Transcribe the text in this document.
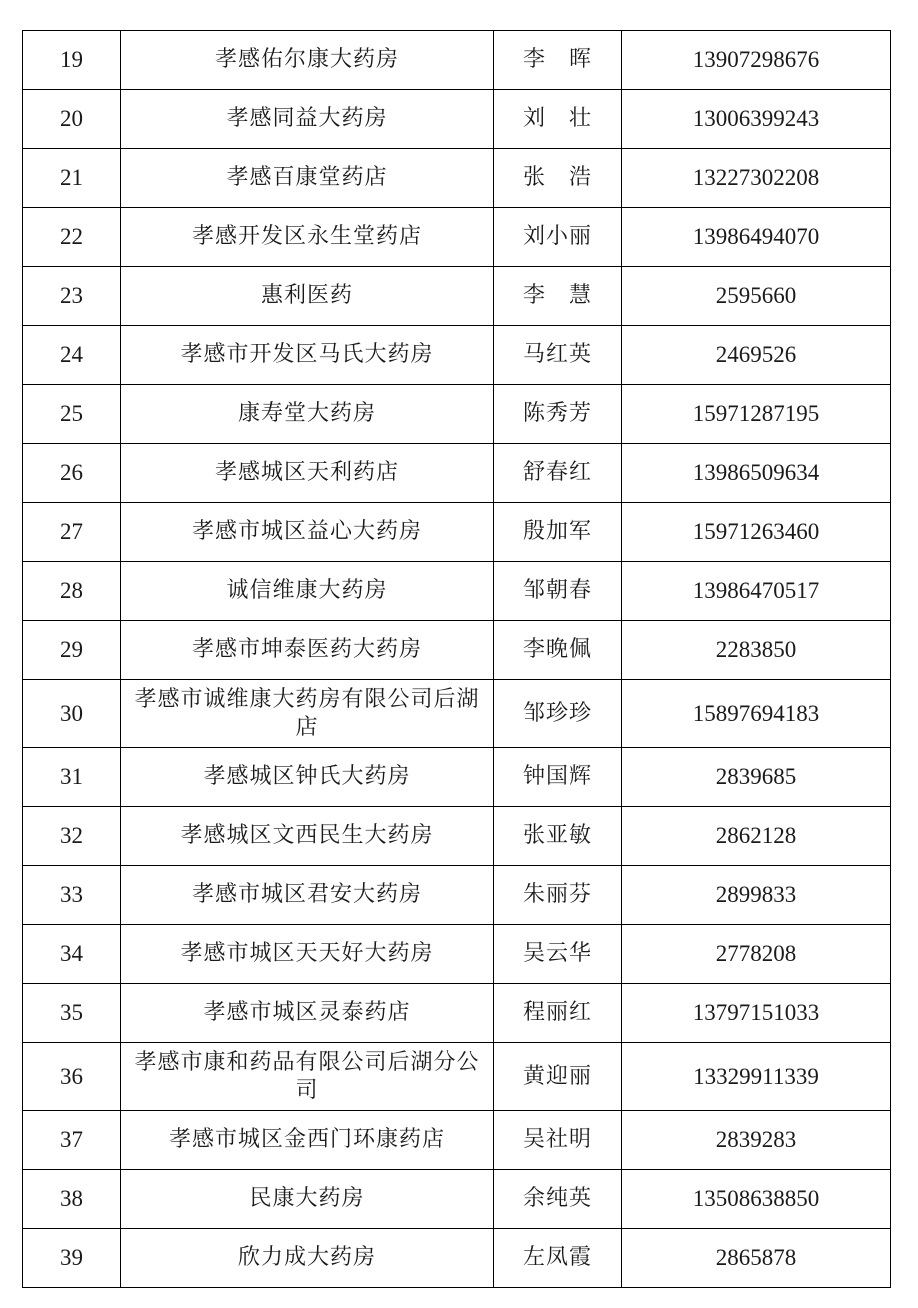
19	孝感佑尔康大药房	李　晖	13907298676
20	孝感同益大药房	刘　壮	13006399243
21	孝感百康堂药店	张　浩	13227302208
22	孝感开发区永生堂药店	刘小丽	13986494070
23	惠利医药	李　慧	2595660
24	孝感市开发区马氏大药房	马红英	2469526
25	康寿堂大药房	陈秀芳	15971287195
26	孝感城区天利药店	舒春红	13986509634
27	孝感市城区益心大药房	殷加军	15971263460
28	诚信维康大药房	邹朝春	13986470517
29	孝感市坤泰医药大药房	李晚佩	2283850
30	孝感市诚维康大药房有限公司后湖店	邹珍珍	15897694183
31	孝感城区钟氏大药房	钟国辉	2839685
32	孝感城区文西民生大药房	张亚敏	2862128
33	孝感市城区君安大药房	朱丽芬	2899833
34	孝感市城区天天好大药房	吴云华	2778208
35	孝感市城区灵泰药店	程丽红	13797151033
36	孝感市康和药品有限公司后湖分公司	黄迎丽	13329911339
37	孝感市城区金西门环康药店	吴社明	2839283
38	民康大药房	余纯英	13508638850
39	欣力成大药房	左凤霞	2865878
